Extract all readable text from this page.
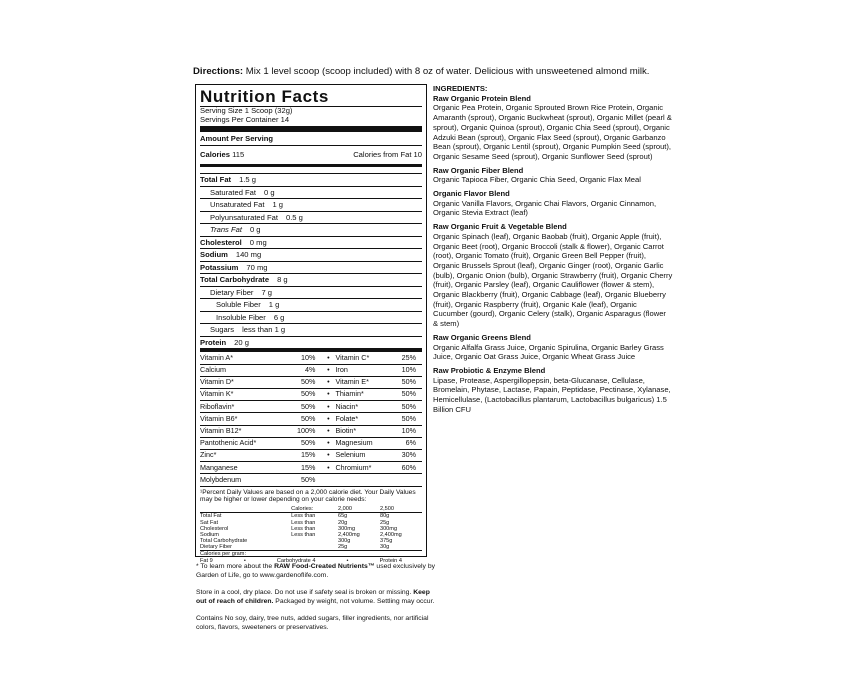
Directions: Mix 1 level scoop (scoop included) with 8 oz of water. Delicious with unsweetened almond milk.
Nutrition Facts
Serving Size 1 Scoop (32g)
Servings Per Container 14
Amount Per Serving
Calories 115	Calories from Fat 10
Total Fat 1.5 g
Saturated Fat 0 g
Unsaturated Fat 1 g
Polyunsaturated Fat 0.5 g
Trans Fat 0 g
Cholesterol 0 mg
Sodium 140 mg
Potassium 70 mg
Total Carbohydrate 8 g
Dietary Fiber 7 g
Soluble Fiber 1 g
Insoluble Fiber 6 g
Sugars less than 1 g
Protein 20 g
Vitamin A*	10%	•	Vitamin C*	25%
Calcium	4%	•	Iron	10%
Vitamin D*	50%	•	Vitamin E*	50%
Vitamin K*	50%	•	Thiamin*	50%
Riboflavin*	50%	•	Niacin*	50%
Vitamin B6*	50%	•	Folate*	50%
Vitamin B12*	100%	•	Biotin*	10%
Pantothenic Acid*	50%	•	Magnesium	6%
Zinc*	15%	•	Selenium	30%
Manganese	15%	•	Chromium*	60%
Molybdenum	50%			
¹Percent Daily Values are based on a 2,000 calorie diet. Your Daily Values may be higher or lower depending on your calorie needs:
	Calories:	2,000	2,500
Total Fat	Less than	65g	80g
Sat Fat	Less than	20g	25g
Cholesterol	Less than	300mg	300mg
Sodium	Less than	2,400mg	2,400mg
Total Carbohydrate		300g	375g
Dietary Fiber		25g	30g
Calories per gram:
Fat 9	•	Carbohydrate 4	•	Protein 4
INGREDIENTS:
Raw Organic Protein Blend
Organic Pea Protein, Organic Sprouted Brown Rice Protein, Organic Amaranth (sprout), Organic Buckwheat (sprout), Organic Millet (pearl & sprout), Organic Quinoa (sprout), Organic Chia Seed (sprout), Organic Adzuki Bean (sprout), Organic Flax Seed (sprout), Organic Garbanzo Bean (sprout), Organic Lentil (sprout), Organic Pumpkin Seed (sprout), Organic Sesame Seed (sprout), Organic Sunflower Seed (sprout)
Raw Organic Fiber Blend
Organic Tapioca Fiber, Organic Chia Seed, Organic Flax Meal
Organic Flavor Blend
Organic Vanilla Flavors, Organic Chai Flavors, Organic Cinnamon, Organic Stevia Extract (leaf)
Raw Organic Fruit & Vegetable Blend
Organic Spinach (leaf), Organic Baobab (fruit), Organic Apple (fruit), Organic Beet (root), Organic Broccoli (stalk & flower), Organic Carrot (root), Organic Tomato (fruit), Organic Green Bell Pepper (fruit), Organic Brussels Sprout (leaf), Organic Ginger (root), Organic Garlic (bulb), Organic Onion (bulb), Organic Strawberry (fruit), Organic Cherry (fruit), Organic Parsley (leaf), Organic Cauliflower (flower & stem), Organic Blackberry (fruit), Organic Cabbage (leaf), Organic Blueberry (fruit), Organic Raspberry (fruit), Organic Kale (leaf), Organic Cucumber (gourd), Organic Celery (stalk), Organic Asparagus (flower & stem)
Raw Organic Greens Blend
Organic Alfalfa Grass Juice, Organic Spirulina, Organic Barley Grass Juice, Organic Oat Grass Juice, Organic Wheat Grass Juice
Raw Probiotic & Enzyme Blend
Lipase, Protease, Aspergillopepsin, beta-Glucanase, Cellulase, Bromelain, Phytase, Lactase, Papain, Peptidase, Pectinase, Xylanase, Hemicellulase, (Lactobacillus plantarum, Lactobacillus bulgaricus) 1.5 Billion CFU

* To learn more about the RAW Food-Created Nutrients™ used exclusively by Garden of Life, go to www.gardenoflife.com.

Store in a cool, dry place. Do not use if safety seal is broken or missing. Keep out of reach of children. Packaged by weight, not volume. Settling may occur.

Contains No soy, dairy, tree nuts, added sugars, filler ingredients, nor artificial colors, flavors, sweeteners or preservatives.
